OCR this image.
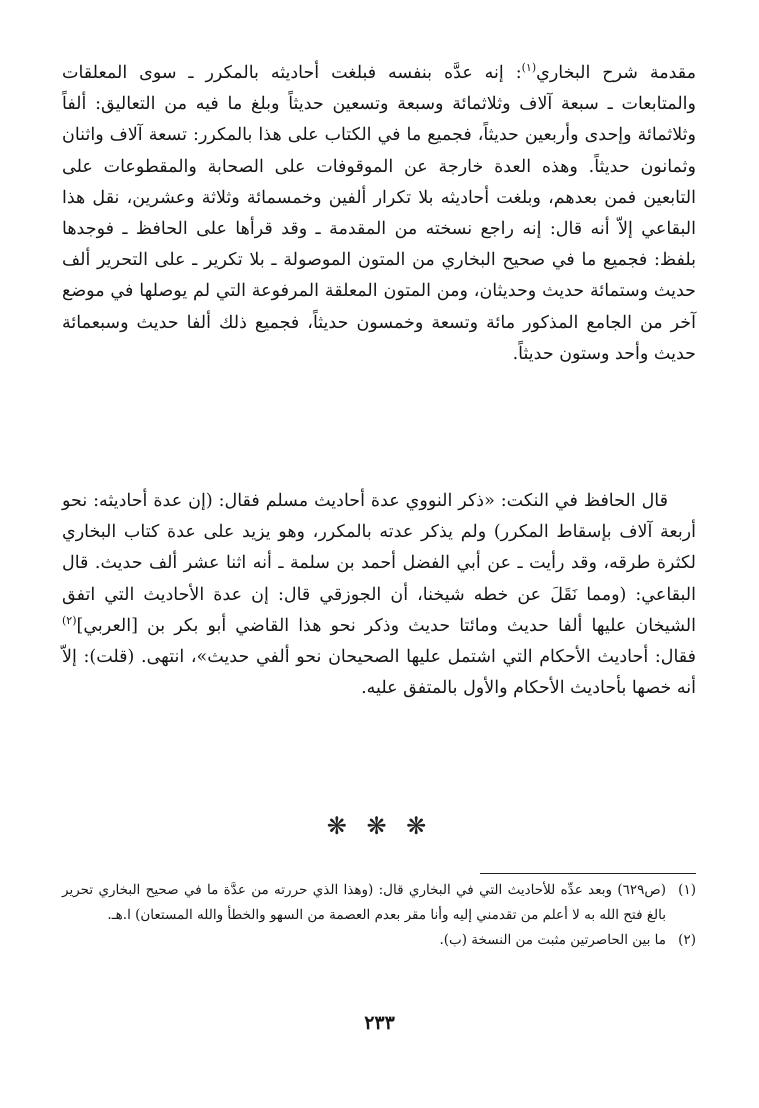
مقدمة شرح البخاري$^{(١)}$: إنه عدَّه بنفسه فبلغت أحاديثه بالمكرر ـ سوى المعلقات والمتابعات ـ سبعة آلاف وثلاثمائة وسبعة وتسعين حديثاً وبلغ ما فيه من التعاليق: ألفاً وثلاثمائة وإحدى وأربعين حديثاً، فجميع ما في الكتاب على هذا بالمكرر: تسعة آلاف واثنان وثمانون حديثاً. وهذه العدة خارجة عن الموقوفات على الصحابة والمقطوعات على التابعين فمن بعدهم، وبلغت أحاديثه بلا تكرار ألفين وخمسمائة وثلاثة وعشرين، نقل هذا البقاعي إلاّ أنه قال: إنه راجع نسخته من المقدمة ـ وقد قرأها على الحافظ ـ فوجدها بلفظ: فجميع ما في صحيح البخاري من المتون الموصولة ـ بلا تكرير ـ على التحرير ألف حديث وستمائة حديث وحديثان، ومن المتون المعلقة المرفوعة التي لم يوصلها في موضع آخر من الجامع المذكور مائة وتسعة وخمسون حديثاً، فجميع ذلك ألفا حديث وسبعمائة حديث وأحد وستون حديثاً.

قال الحافظ في النكت: «ذكر النووي عدة أحاديث مسلم فقال: (إن عدة أحاديثه: نحو أربعة آلاف بإسقاط المكرر) ولم يذكر عدته بالمكرر، وهو يزيد على عدة كتاب البخاري لكثرة طرقه، وقد رأيت ـ عن أبي الفضل أحمد بن سلمة ـ أنه اثنا عشر ألف حديث. قال البقاعي: (ومما نَقَلَ عن خطه شيخنا، أن الجوزقي قال: إن عدة الأحاديث التي اتفق الشيخان عليها ألفا حديث ومائتا حديث وذكر نحو هذا القاضي أبو بكر بن [العربي]$^{(٢)}$ فقال: أحاديث الأحكام التي اشتمل عليها الصحيحان نحو ألفي حديث»، انتهى. (قلت): إلاّ أنه خصها بأحاديث الأحكام والأول بالمتفق عليه.

❋ ❋ ❋
(١)
(ص٦٢٩) وبعد عدِّه للأحاديث التي في البخاري قال: (وهذا الذي حررته من عدَّة ما في صحيح البخاري تحرير بالغ فتح الله به لا أعلم من تقدمني إليه وأنا مقر بعدم العصمة من السهو والخطأ والله المستعان) ا.هـ.
(٢)
ما بين الحاصرتين مثبت من النسخة (ب).
٢٣٣
